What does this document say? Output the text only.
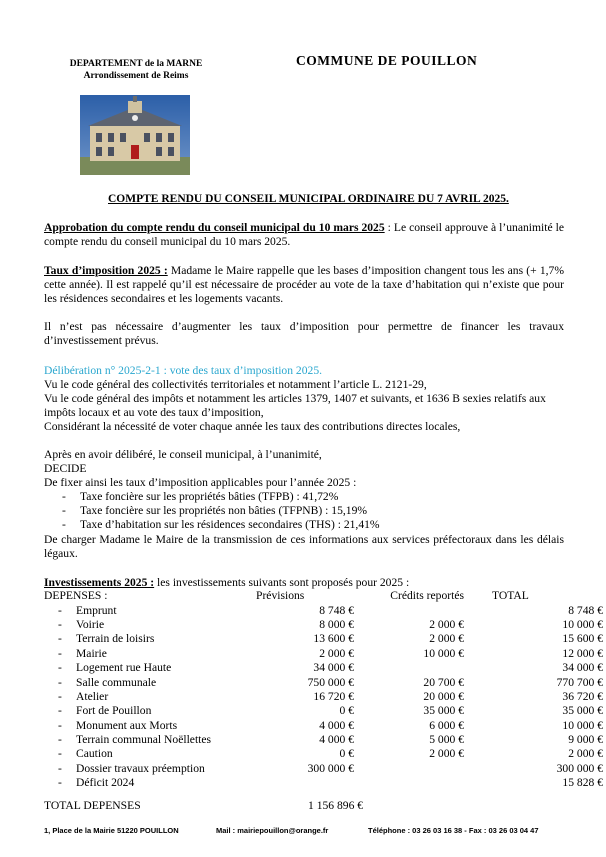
DEPARTEMENT de la MARNE
Arrondissement de Reims
COMMUNE DE POUILLON
COMPTE RENDU DU CONSEIL MUNICIPAL ORDINAIRE DU 7 AVRIL 2025.
Approbation du compte rendu du conseil municipal du 10 mars 2025 : Le conseil approuve à l’unanimité le compte rendu du conseil municipal du 10 mars 2025.
Taux d’imposition 2025 : Madame le Maire rappelle que les bases d’imposition changent tous les ans (+ 1,7% cette année). Il est rappelé qu’il est nécessaire de procéder au vote de la taxe d’habitation qui n’existe que pour les résidences secondaires et les logements vacants.
Il n’est pas nécessaire d’augmenter les taux d’imposition pour permettre de financer les travaux d’investissement prévus.
Délibération n° 2025-2-1 : vote des taux d’imposition 2025.
Vu le code général des collectivités territoriales et notamment l’article L. 2121-29,
Vu le code général des impôts et notamment les articles 1379, 1407 et suivants, et 1636 B sexies relatifs aux impôts locaux et au vote des taux d’imposition,
Considérant la nécessité de voter chaque année les taux des contributions directes locales,
Après en avoir délibéré, le conseil municipal, à l’unanimité,
DECIDE
De fixer ainsi les taux d’imposition applicables pour l’année 2025 :
-	Taxe foncière sur les propriétés bâties (TFPB) : 41,72%
-	Taxe foncière sur les propriétés non bâties (TFPNB) : 15,19%
-	Taxe d’habitation sur les résidences secondaires (THS) : 21,41%
De charger Madame le Maire de la transmission de ces informations aux services préfectoraux dans les délais légaux.
Investissements 2025 : les investissements suivants sont proposés pour 2025 :
DEPENSES :	Prévisions	Crédits reportés	TOTAL
- Emprunt	8 748 €		8 748 €
- Voirie	8 000 €	2 000 €	10 000 €
- Terrain de loisirs	13 600 €	2 000 €	15 600 €
- Mairie	2 000 €	10 000 €	12 000 €
- Logement rue Haute	34 000 €		34 000 €
- Salle communale	750 000 €	20 700 €	770 700 €
- Atelier	16 720 €	20 000 €	36 720 €
- Fort de Pouillon	0 €	35 000 €	35 000 €
- Monument aux Morts	4 000 €	6 000 €	10 000 €
- Terrain communal Noëllettes	4 000 €	5 000 €	9 000 €
- Caution	0 €	2 000 €	2 000 €
- Dossier travaux préemption	300 000 €		300 000 €
- Déficit 2024			15 828 €
TOTAL DEPENSES	1 156 896 €
1, Place de la Mairie 51220 POUILLON	Mail : mairiepouillon@orange.fr	Téléphone : 03 26 03 16 38 - Fax : 03 26 03 04 47
